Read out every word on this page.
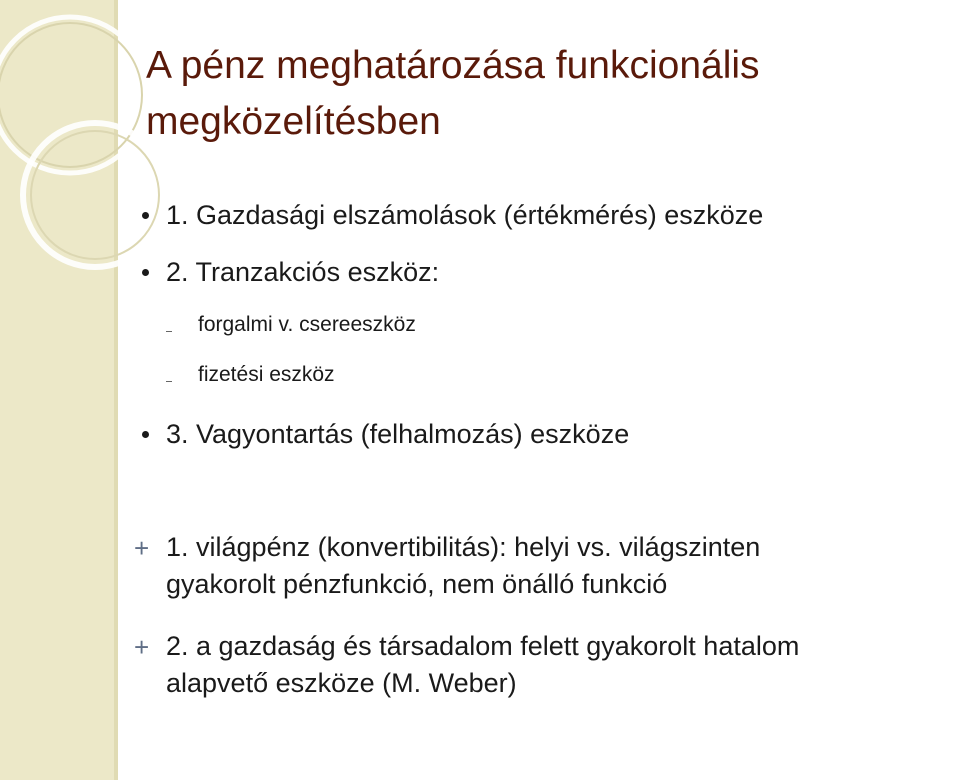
A pénz meghatározása funkcionális
megközelítésben
1. Gazdasági elszámolások (értékmérés) eszköze
2. Tranzakciós eszköz:
forgalmi v. csereeszköz
fizetési eszköz
3. Vagyontartás (felhalmozás) eszköze
+ 1. világpénz (konvertibilitás): helyi vs. világszinten
gyakorolt pénzfunkció, nem önálló funkció
+ 2. a gazdaság és társadalom felett gyakorolt hatalom
alapvető eszköze (M. Weber)
